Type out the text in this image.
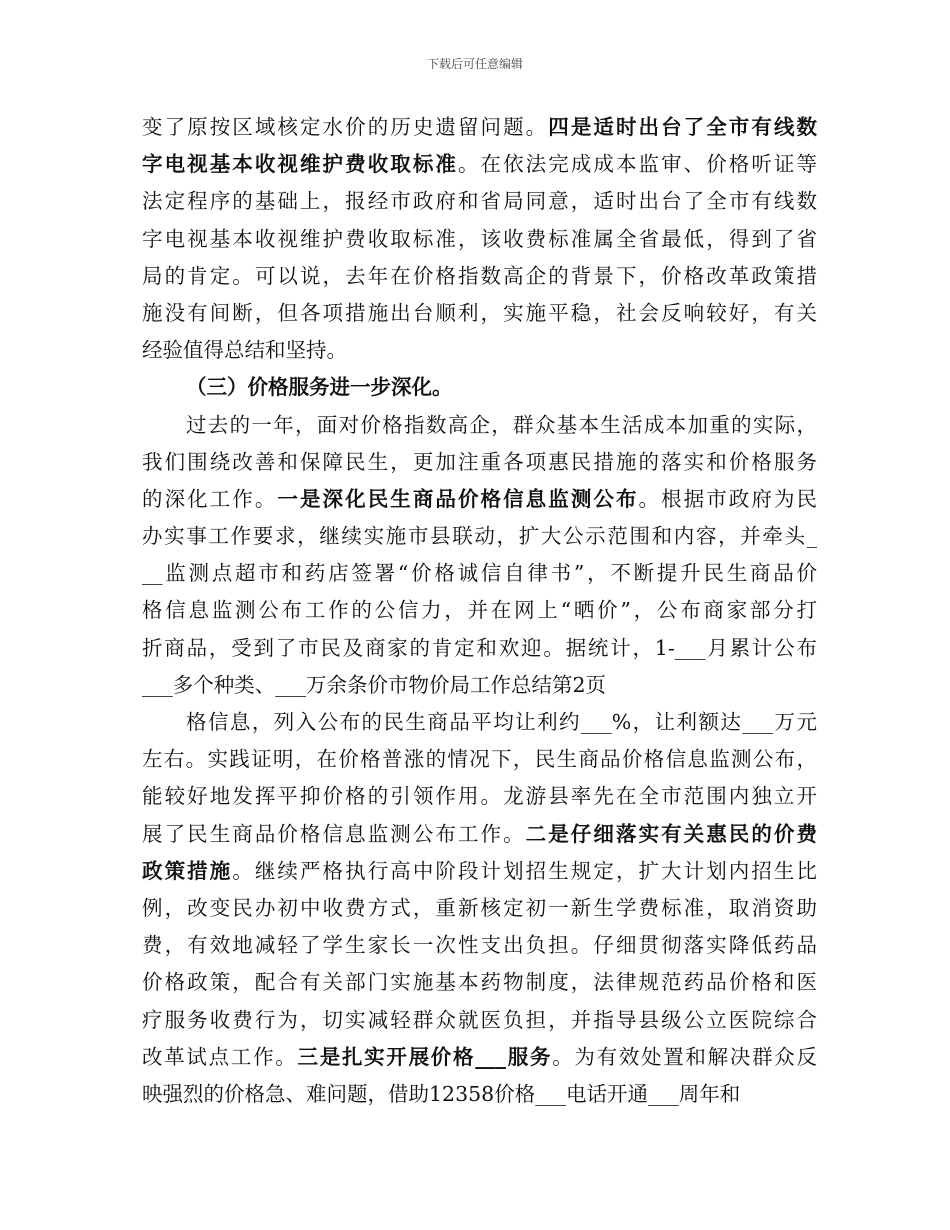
下载后可任意编辑
变了原按区域核定水价的历史遗留问题。四是适时出台了全市有线数
字电视基本收视维护费收取标准。在依法完成成本监审、价格听证等
法定程序的基础上，报经市政府和省局同意，适时出台了全市有线数
字电视基本收视维护费收取标准，该收费标准属全省最低，得到了省
局的肯定。可以说，去年在价格指数高企的背景下，价格改革政策措
施没有间断，但各项措施出台顺利，实施平稳，社会反响较好，有关
经验值得总结和坚持。
（三）价格服务进一步深化。
过去的一年，面对价格指数高企，群众基本生活成本加重的实际，
我们围绕改善和保障民生，更加注重各项惠民措施的落实和价格服务
的深化工作。一是深化民生商品价格信息监测公布。根据市政府为民
办实事工作要求，继续实施市县联动，扩大公示范围和内容，并牵头_
__监测点超市和药店签署“价格诚信自律书”，不断提升民生商品价
格信息监测公布工作的公信力，并在网上“晒价”，公布商家部分打
折商品，受到了市民及商家的肯定和欢迎。据统计，1-___月累计公布
___多个种类、___万余条价市物价局工作总结第2页
格信息，列入公布的民生商品平均让利约___%，让利额达___万元
左右。实践证明，在价格普涨的情况下，民生商品价格信息监测公布，
能较好地发挥平抑价格的引领作用。龙游县率先在全市范围内独立开
展了民生商品价格信息监测公布工作。二是仔细落实有关惠民的价费
政策措施。继续严格执行高中阶段计划招生规定，扩大计划内招生比
例，改变民办初中收费方式，重新核定初一新生学费标准，取消资助
费，有效地减轻了学生家长一次性支出负担。仔细贯彻落实降低药品
价格政策，配合有关部门实施基本药物制度，法律规范药品价格和医
疗服务收费行为，切实减轻群众就医负担，并指导县级公立医院综合
改革试点工作。三是扎实开展价格___服务。为有效处置和解决群众反
映强烈的价格急、难问题，借助12358价格___电话开通___周年和
